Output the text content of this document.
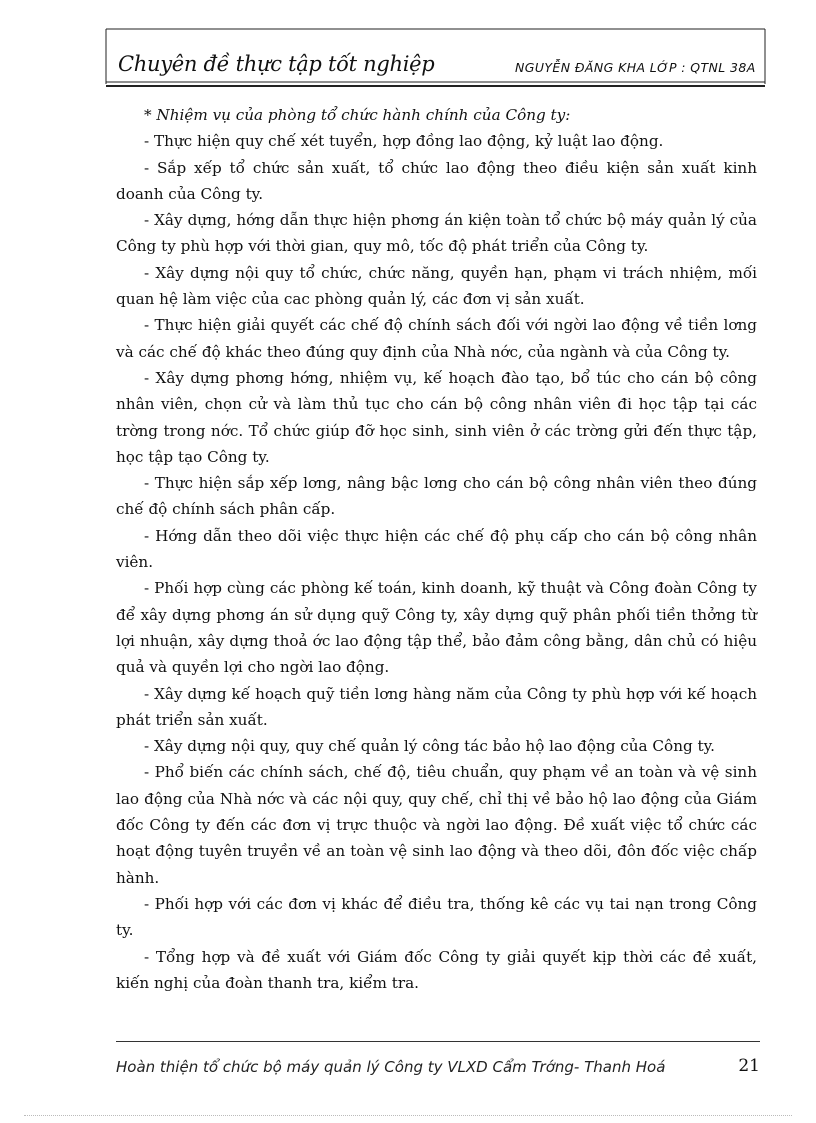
Chuyên đề thực tập tốt nghiệp	NGUYỄN ĐĂNG KHA LỚP : QTNL 38A

* Nhiệm vụ của phòng tổ chức hành chính của Công ty:

- Thực hiện quy chế xét tuyển, hợp đồng lao động, kỷ luật lao động.

- Sắp xếp tổ chức sản xuất, tổ chức lao động theo điều kiện sản xuất kinh doanh của Công ty.

- Xây dựng, hớng dẫn thực hiện phơng án kiện toàn tổ chức bộ máy quản lý của Công ty phù hợp với thời gian, quy mô, tốc độ phát triển của Công ty.

- Xây dựng nội quy tổ chức, chức năng, quyền hạn, phạm vi trách nhiệm, mối quan hệ làm việc của cac phòng quản lý, các đơn vị sản xuất.

- Thực hiện giải quyết các chế độ chính sách đối với ngời lao động về tiền lơng và các chế độ khác theo đúng quy định của Nhà nớc, của ngành và của Công ty.

- Xây dựng phơng hớng, nhiệm vụ, kế hoạch đào tạo, bổ túc cho cán bộ công nhân viên, chọn cử và làm thủ tục cho cán bộ công nhân viên đi học tập tại các trờng trong nớc. Tổ chức giúp đỡ học sinh, sinh viên ở các trờng gửi đến thực tập, học tập tạo Công ty.

- Thực hiện sắp xếp lơng, nâng bậc lơng cho cán bộ công nhân viên theo đúng chế độ chính sách phân cấp.

- Hớng dẫn theo dõi việc thực hiện các chế độ phụ cấp cho cán bộ công nhân viên.

- Phối hợp cùng các phòng kế toán, kinh doanh, kỹ thuật và Công đoàn Công ty để xây dựng phơng án sử dụng quỹ Công ty, xây dựng quỹ phân phối tiền thởng từ lợi nhuận, xây dựng thoả ớc lao động tập thể, bảo đảm công bằng, dân chủ có hiệu quả và quyền lợi cho ngời lao động.

- Xây dựng kế hoạch quỹ tiền lơng hàng năm của Công ty phù hợp với kế hoạch phát triển sản xuất.

- Xây dựng nội quy, quy chế quản lý công tác bảo hộ lao động của Công ty.

- Phổ biến các chính sách, chế độ, tiêu chuẩn, quy phạm về an toàn và vệ sinh lao động của Nhà nớc và các nội quy, quy chế, chỉ thị về bảo hộ lao động của Giám đốc Công ty đến các đơn vị trực thuộc và ngời lao động. Đề xuất việc tổ chức các hoạt động tuyên truyền về an toàn vệ sinh lao động và theo dõi, đôn đốc việc chấp hành.

- Phối hợp với các đơn vị khác để điều tra, thống kê các vụ tai nạn trong Công ty.

- Tổng hợp và đề xuất với Giám đốc Công ty giải quyết kịp thời các đề xuất, kiến nghị của đoàn thanh tra, kiểm tra.

Hoàn thiện tổ chức bộ máy quản lý Công ty VLXD Cẩm Trớng- Thanh Hoá	21
